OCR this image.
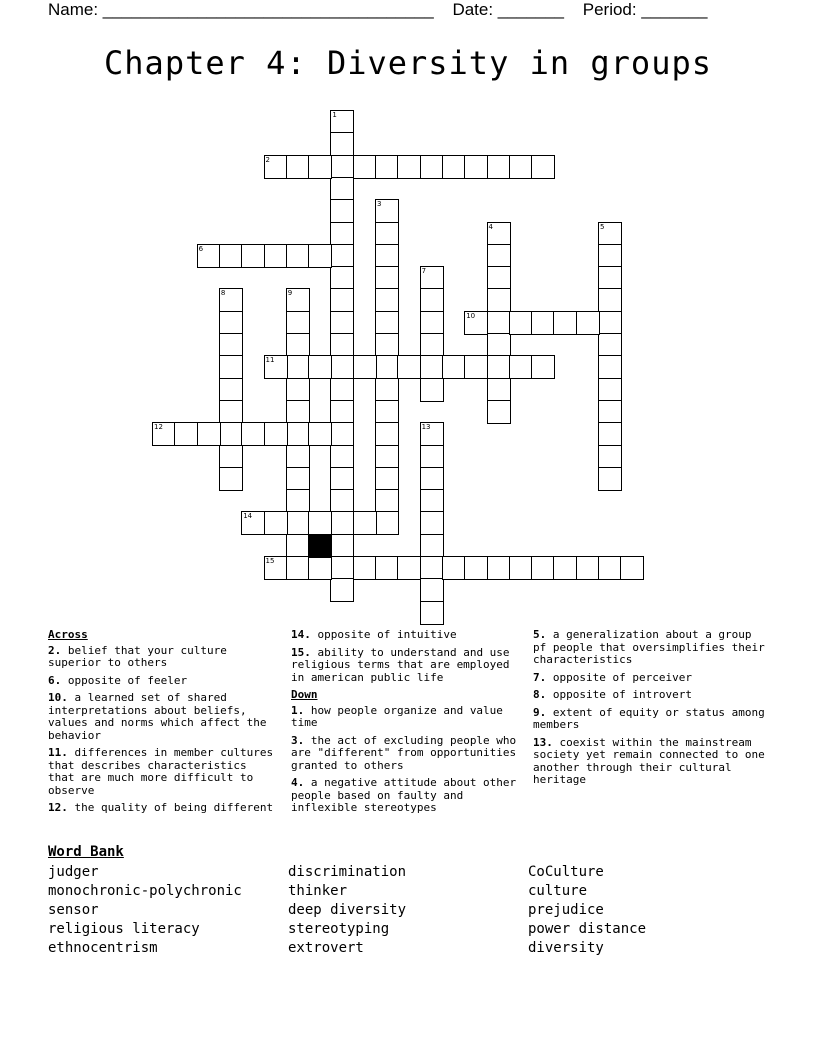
Name: ___________________________________ Date: _______ Period: _______
Chapter 4: Diversity in groups
1
2
3
4	5
6
7
8	9
10
11
12	13
14
15
Across
2. belief that your culture superior to others
6. opposite of feeler
10. a learned set of shared interpretations about beliefs, values and norms which affect the behavior
11. differences in member cultures that describes characteristics that are much more difficult to observe
12. the quality of being different
14. opposite of intuitive
15. ability to understand and use religious terms that are employed in american public life
Down
1. how people organize and value time
3. the act of excluding people who are "different" from opportunities granted to others
4. a negative attitude about other people based on faulty and inflexible stereotypes
5. a generalization about a group pf people that oversimplifies their characteristics
7. opposite of perceiver
8. opposite of introvert
9. extent of equity or status among members
13. coexist within the mainstream society yet remain connected to one another through their cultural heritage
Word Bank
judger
monochronic-polychronic
sensor
religious literacy
ethnocentrism
discrimination
thinker
deep diversity
stereotyping
extrovert
CoCulture
culture
prejudice
power distance
diversity
